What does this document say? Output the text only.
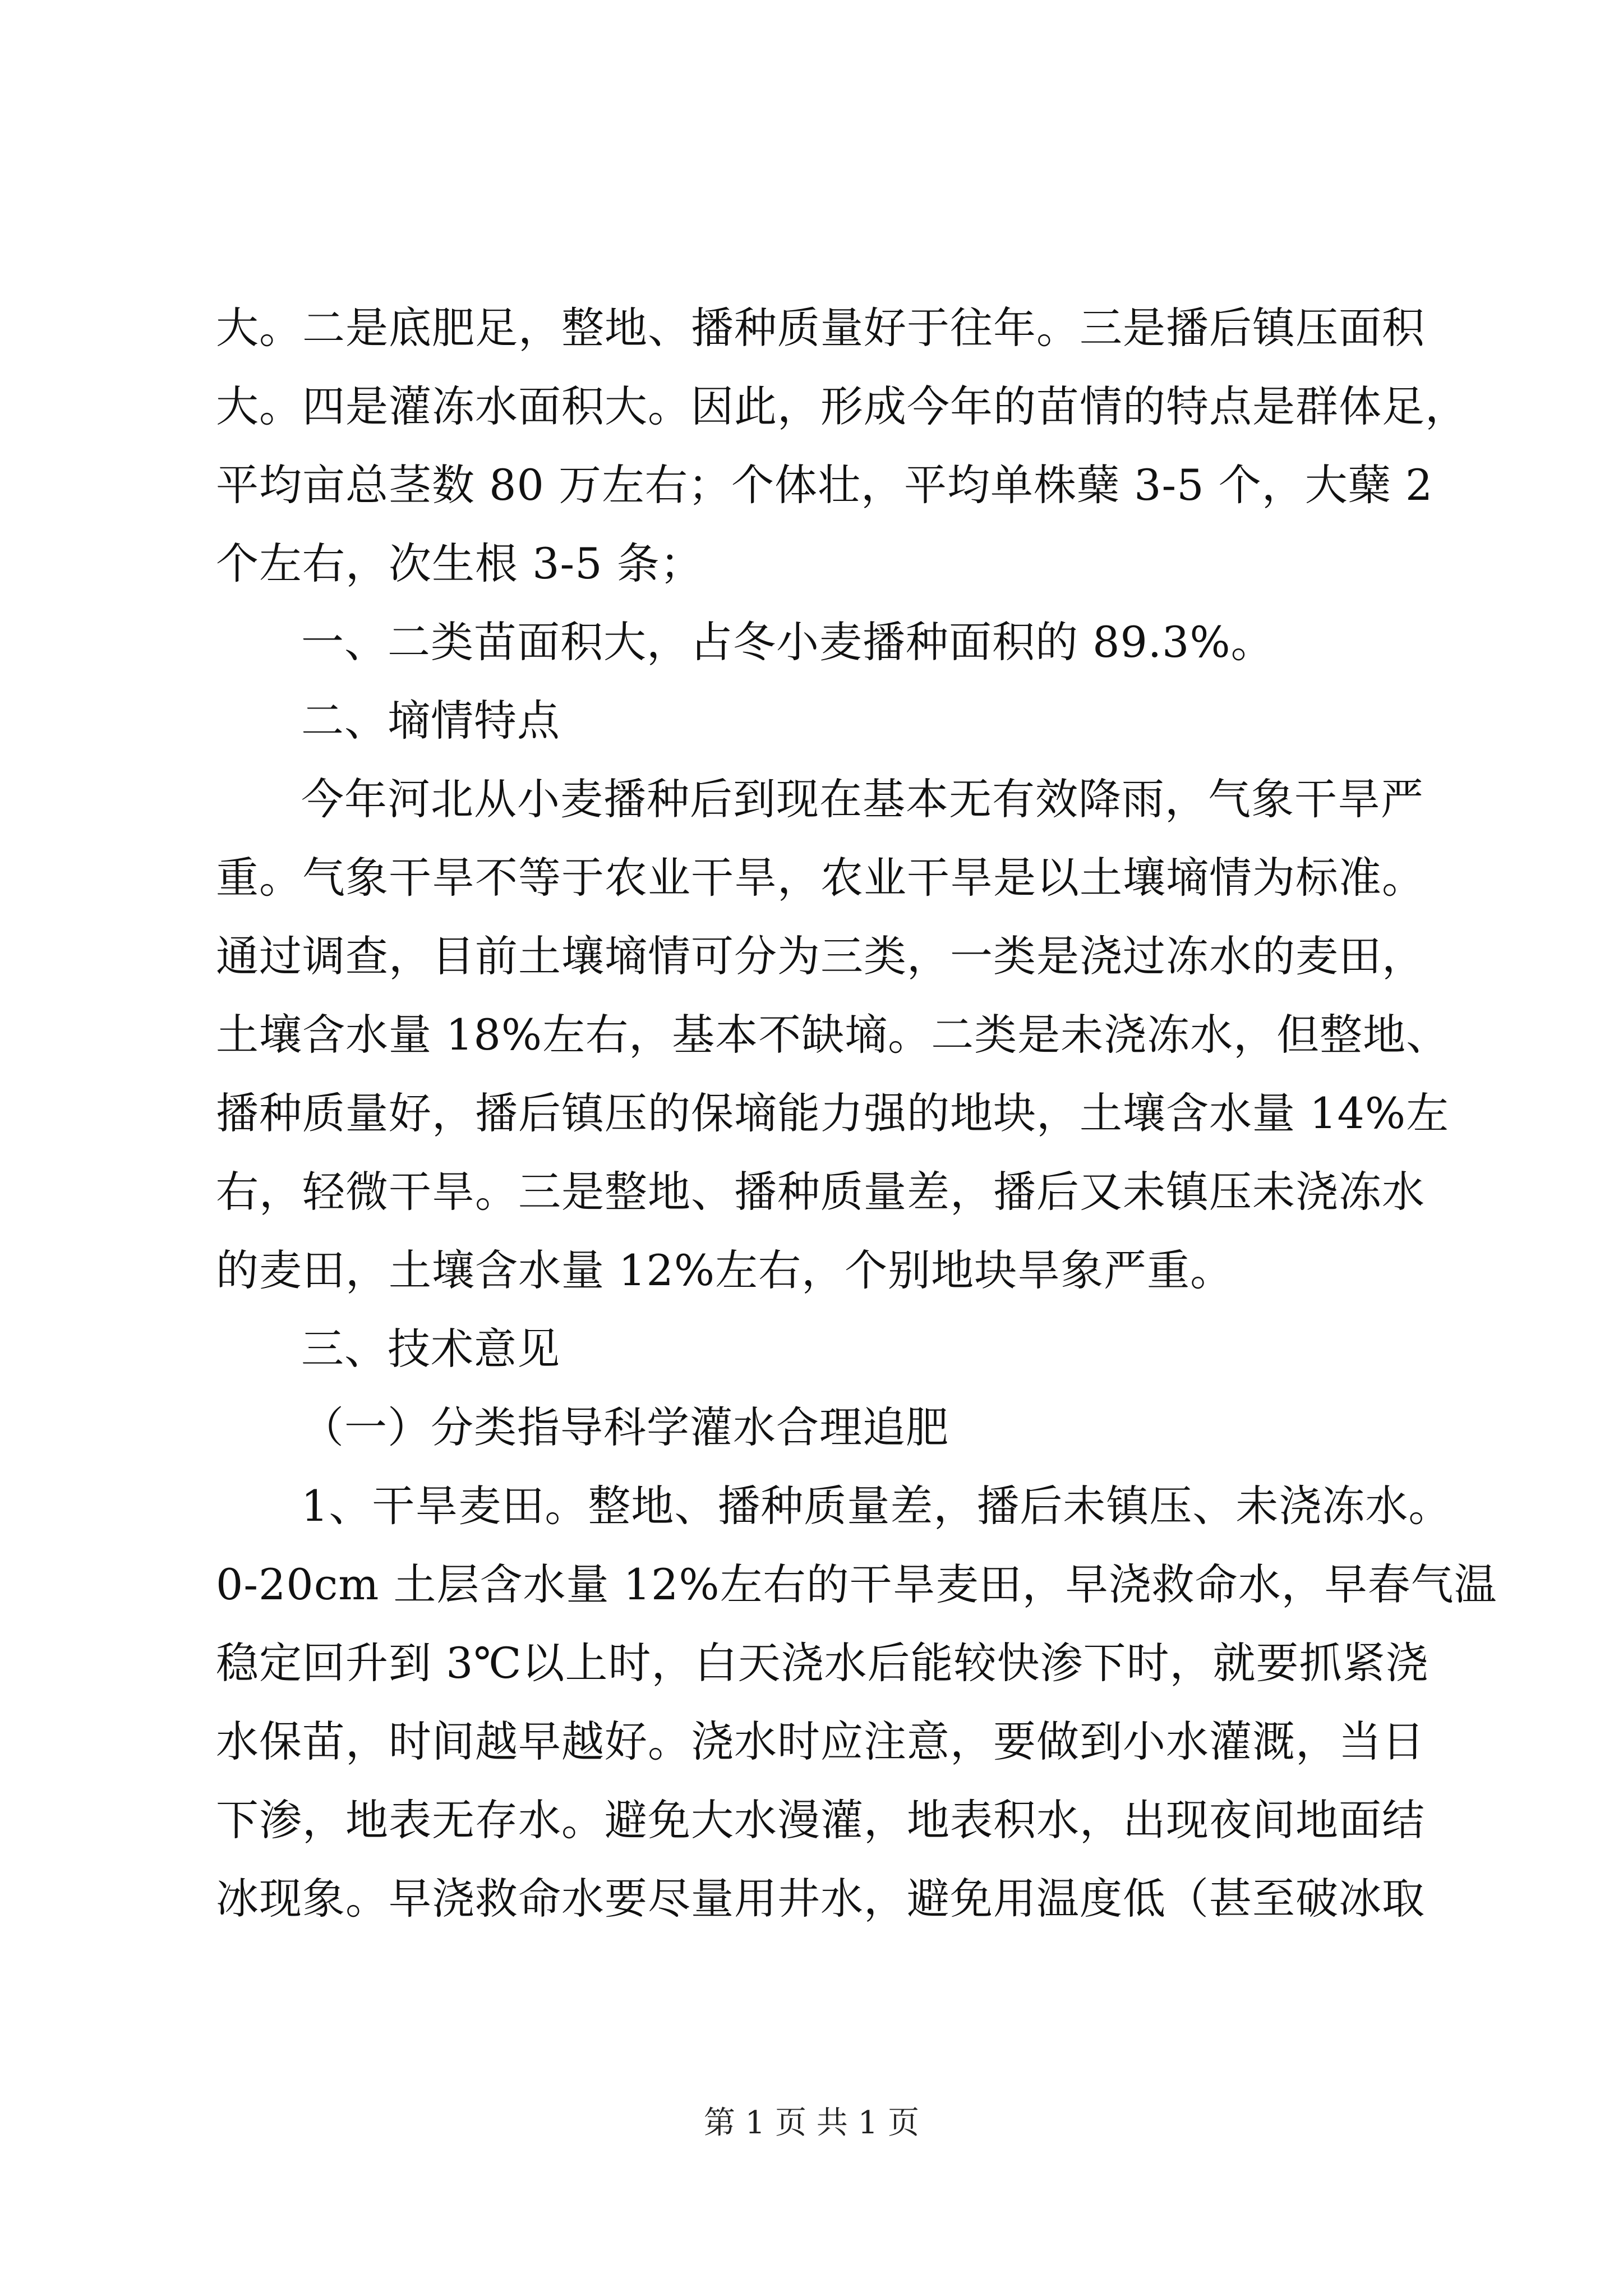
大。二是底肥足，整地、播种质量好于往年。三是播后镇压面积
大。四是灌冻水面积大。因此，形成今年的苗情的特点是群体足，
平均亩总茎数 80 万左右；个体壮，平均单株蘖 3-5 个，大蘖 2
个左右，次生根 3-5 条；
一、二类苗面积大，占冬小麦播种面积的 89.3%。
二、墒情特点
今年河北从小麦播种后到现在基本无有效降雨，气象干旱严
重。气象干旱不等于农业干旱，农业干旱是以土壤墒情为标准。
通过调查，目前土壤墒情可分为三类，一类是浇过冻水的麦田，
土壤含水量 18%左右，基本不缺墒。二类是未浇冻水，但整地、
播种质量好，播后镇压的保墒能力强的地块，土壤含水量 14%左
右，轻微干旱。三是整地、播种质量差，播后又未镇压未浇冻水
的麦田，土壤含水量 12%左右，个别地块旱象严重。
三、技术意见
（一）分类指导科学灌水合理追肥
1、干旱麦田。整地、播种质量差，播后未镇压、未浇冻水。
0-20cm 土层含水量 12%左右的干旱麦田，早浇救命水，早春气温
稳定回升到 3℃以上时，白天浇水后能较快渗下时，就要抓紧浇
水保苗，时间越早越好。浇水时应注意，要做到小水灌溉，当日
下渗，地表无存水。避免大水漫灌，地表积水，出现夜间地面结
冰现象。早浇救命水要尽量用井水，避免用温度低（甚至破冰取
第 1 页 共 1 页
